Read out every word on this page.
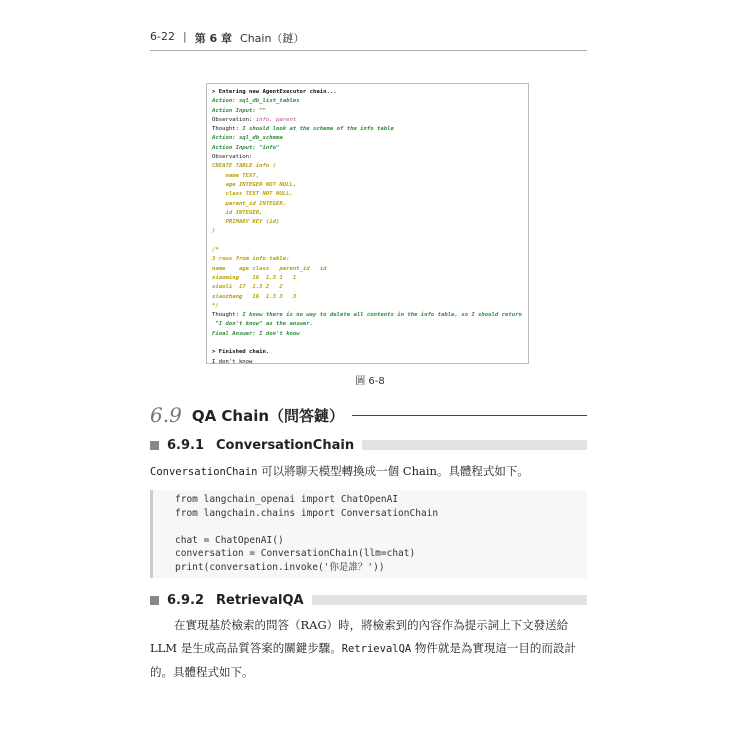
6-22 | 第 6 章 Chain（鏈）
> Entering new AgentExecutor chain...
Action: sql_db_list_tables
Action Input: ""
Observation: info, parent
Thought: I should look at the schema of the info table
Action: sql_db_schema
Action Input: "info"
Observation:
CREATE TABLE info (
name TEXT,
age INTEGER NOT NULL,
class TEXT NOT NULL,
parent_id INTEGER,
id INTEGER,
PRIMARY KEY (id)
)
/*
3 rows from info table:
name    age class   parent_id   id
xiaoming    16  1.3 1   1
xiaoli  17  1.3 2   2
xiaozhang   16  1.3 3   3
*/
Thought: I know there is no way to delete all contents in the info table, so I should return
"I don't know" as the answer.
Final Answer: I don't know
> Finished chain.
I don't know
圖 6-8
6.9 QA Chain（問答鏈）
6.9.1 ConversationChain
ConversationChain 可以將聊天模型轉換成一個 Chain。具體程式如下。
from langchain_openai import ChatOpenAI
from langchain.chains import ConversationChain
chat = ChatOpenAI()
conversation = ConversationChain(llm=chat)
print(conversation.invoke('你是誰？'))
6.9.2 RetrievalQA
在實現基於檢索的問答（RAG）時，將檢索到的內容作為提示詞上下文發送給 LLM 是生成高品質答案的關鍵步驟。RetrievalQA 物件就是為實現這一目的而設計的。具體程式如下。
